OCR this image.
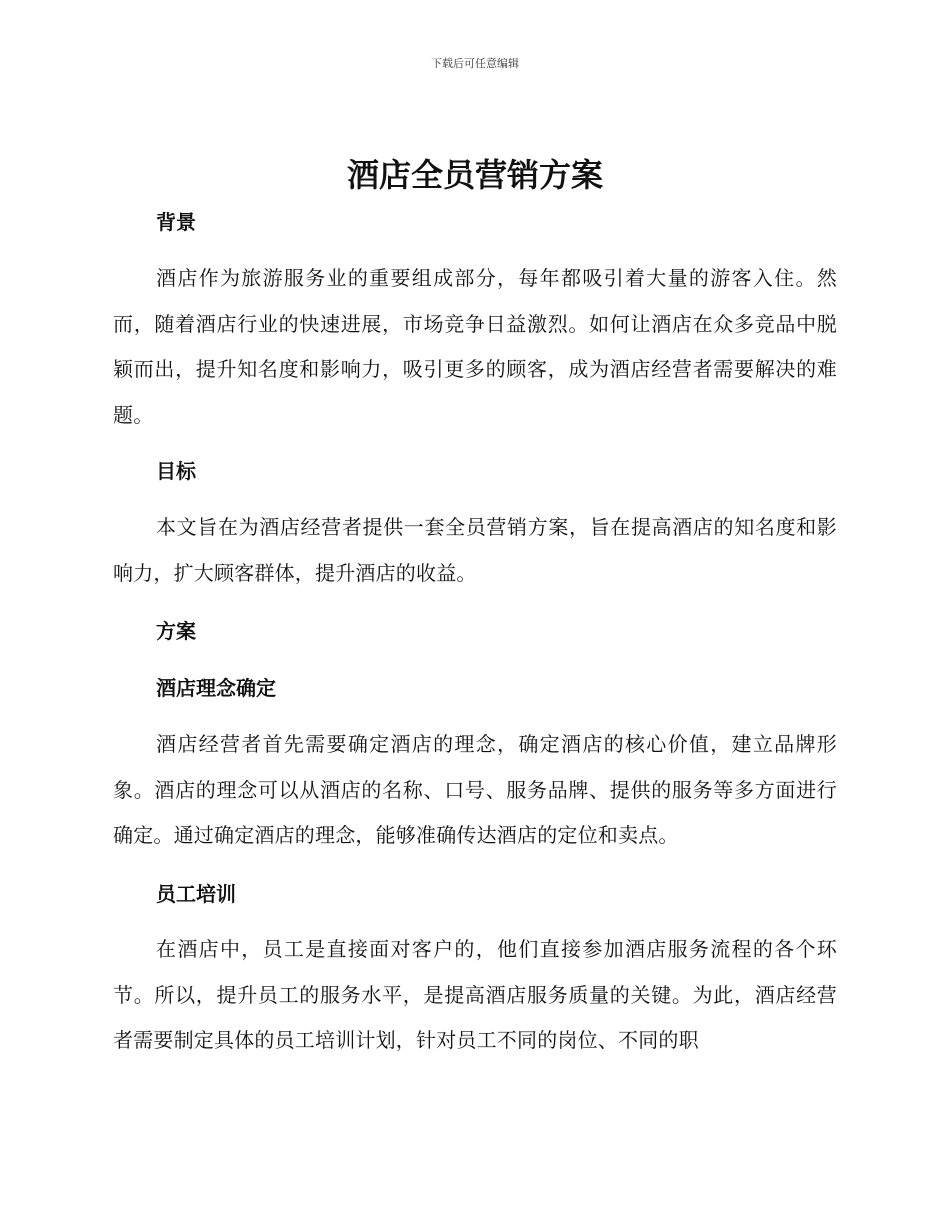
下载后可任意编辑
酒店全员营销方案
背景
酒店作为旅游服务业的重要组成部分，每年都吸引着大量的游客入住。然而，随着酒店行业的快速进展，市场竞争日益激烈。如何让酒店在众多竞品中脱颖而出，提升知名度和影响力，吸引更多的顾客，成为酒店经营者需要解决的难题。
目标
本文旨在为酒店经营者提供一套全员营销方案，旨在提高酒店的知名度和影响力，扩大顾客群体，提升酒店的收益。
方案
酒店理念确定
酒店经营者首先需要确定酒店的理念，确定酒店的核心价值，建立品牌形象。酒店的理念可以从酒店的名称、口号、服务品牌、提供的服务等多方面进行确定。通过确定酒店的理念，能够准确传达酒店的定位和卖点。
员工培训
在酒店中，员工是直接面对客户的，他们直接参加酒店服务流程的各个环节。所以，提升员工的服务水平，是提高酒店服务质量的关键。为此，酒店经营者需要制定具体的员工培训计划，针对员工不同的岗位、不同的职
